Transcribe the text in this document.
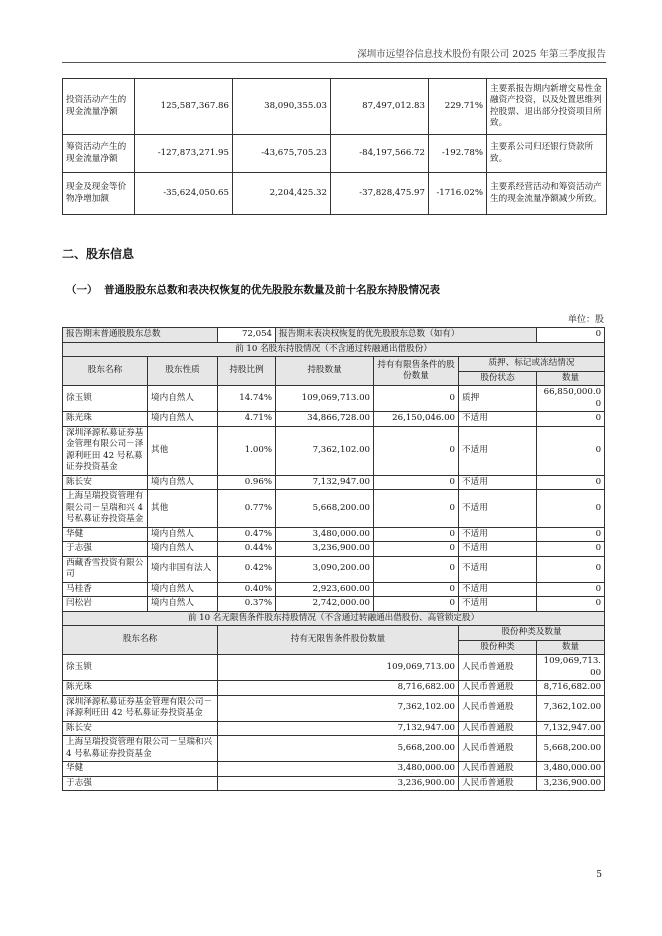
深圳市远望谷信息技术股份有限公司 2025 年第三季度报告
投资活动产生的现金流量净额	125,587,367.86	38,090,355.03	87,497,012.83	229.71%	主要系报告期内新增交易性金融资产投资，以及处置思维列控股票、退出部分投资项目所致。
筹资活动产生的现金流量净额	-127,873,271.95	-43,675,705.23	-84,197,566.72	-192.78%	主要系公司归还银行贷款所致。
现金及现金等价物净增加额	-35,624,050.65	2,204,425.32	-37,828,475.97	-1716.02%	主要系经营活动和筹资活动产生的现金流量净额减少所致。
二、股东信息
（一） 普通股股东总数和表决权恢复的优先股股东数量及前十名股东持股情况表
单位：股
报告期末普通股股东总数		72,054	报告期末表决权恢复的优先股股东总数（如有）			0
前 10 名股东持股情况（不含通过转融通出借股份）						
股东名称	股东性质	持股比例	持股数量	持有有限售条件的股份数量	质押、标记或冻结情况	
					股份状态	数量
徐玉锁	境内自然人	14.74%	109,069,713.00	0	质押	66,850,000.00
陈光珠	境内自然人	4.71%	34,866,728.00	26,150,046.00	不适用	0
深圳泽源私募证券基金管理有限公司－泽源利旺田 42 号私募证券投资基金	其他	1.00%	7,362,102.00	0	不适用	0
陈长安	境内自然人	0.96%	7,132,947.00	0	不适用	0
上海呈瑞投资管理有限公司－呈瑞和兴 4 号私募证券投资基金	其他	0.77%	5,668,200.00	0	不适用	0
华健	境内自然人	0.47%	3,480,000.00	0	不适用	0
于志强	境内自然人	0.44%	3,236,900.00	0	不适用	0
西藏香雪投资有限公司	境内非国有法人	0.42%	3,090,200.00	0	不适用	0
马桂香	境内自然人	0.40%	2,923,600.00	0	不适用	0
闫松岩	境内自然人	0.37%	2,742,000.00	0	不适用	0
前 10 名无限售条件股东持股情况（不含通过转融通出借股份、高管锁定股）						
股东名称		持有无限售条件股份数量			股份种类及数量	
					股份种类	数量
徐玉锁		109,069,713.00			人民币普通股	109,069,713.00
陈光珠		8,716,682.00			人民币普通股	8,716,682.00
深圳泽源私募证券基金管理有限公司－泽源利旺田 42 号私募证券投资基金		7,362,102.00			人民币普通股	7,362,102.00
陈长安		7,132,947.00			人民币普通股	7,132,947.00
上海呈瑞投资管理有限公司－呈瑞和兴 4 号私募证券投资基金		5,668,200.00			人民币普通股	5,668,200.00
华健		3,480,000.00			人民币普通股	3,480,000.00
于志强		3,236,900.00			人民币普通股	3,236,900.00
5
